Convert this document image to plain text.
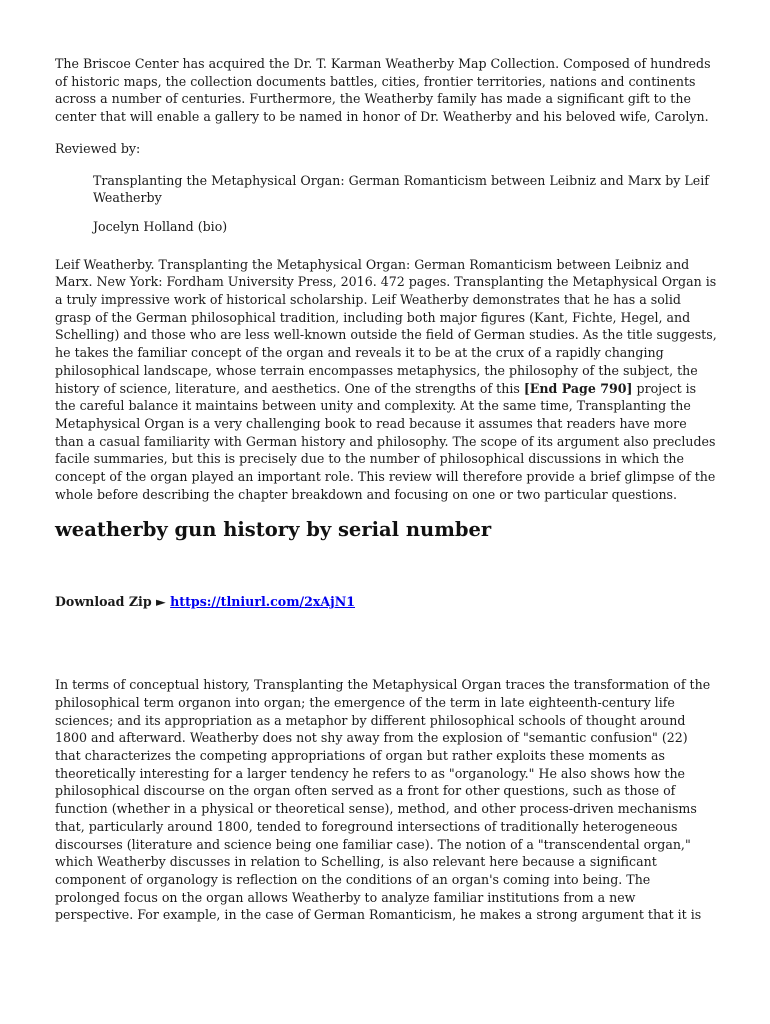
The Briscoe Center has acquired the Dr. T. Karman Weatherby Map Collection. Composed of hundreds of historic maps, the collection documents battles, cities, frontier territories, nations and continents across a number of centuries. Furthermore, the Weatherby family has made a significant gift to the center that will enable a gallery to be named in honor of Dr. Weatherby and his beloved wife, Carolyn.

Reviewed by:

Transplanting the Metaphysical Organ: German Romanticism between Leibniz and Marx by Leif Weatherby

Jocelyn Holland (bio)

Leif Weatherby. Transplanting the Metaphysical Organ: German Romanticism between Leibniz and Marx. New York: Fordham University Press, 2016. 472 pages. Transplanting the Metaphysical Organ is a truly impressive work of historical scholarship. Leif Weatherby demonstrates that he has a solid grasp of the German philosophical tradition, including both major figures (Kant, Fichte, Hegel, and Schelling) and those who are less well-known outside the field of German studies. As the title suggests, he takes the familiar concept of the organ and reveals it to be at the crux of a rapidly changing philosophical landscape, whose terrain encompasses metaphysics, the philosophy of the subject, the history of science, literature, and aesthetics. One of the strengths of this [End Page 790] project is the careful balance it maintains between unity and complexity. At the same time, Transplanting the Metaphysical Organ is a very challenging book to read because it assumes that readers have more than a casual familiarity with German history and philosophy. The scope of its argument also precludes facile summaries, but this is precisely due to the number of philosophical discussions in which the concept of the organ played an important role. This review will therefore provide a brief glimpse of the whole before describing the chapter breakdown and focusing on one or two particular questions.

weatherby gun history by serial number
Download Zip ► https://tlniurl.com/2xAjN1

In terms of conceptual history, Transplanting the Metaphysical Organ traces the transformation of the philosophical term organon into organ; the emergence of the term in late eighteenth-century life sciences; and its appropriation as a metaphor by different philosophical schools of thought around 1800 and afterward. Weatherby does not shy away from the explosion of "semantic confusion" (22) that characterizes the competing appropriations of organ but rather exploits these moments as theoretically interesting for a larger tendency he refers to as "organology." He also shows how the philosophical discourse on the organ often served as a front for other questions, such as those of function (whether in a physical or theoretical sense), method, and other process-driven mechanisms that, particularly around 1800, tended to foreground intersections of traditionally heterogeneous discourses (literature and science being one familiar case). The notion of a "transcendental organ," which Weatherby discusses in relation to Schelling, is also relevant here because a significant component of organology is reflection on the conditions of an organ's coming into being. The prolonged focus on the organ allows Weatherby to analyze familiar institutions from a new perspective. For example, in the case of German Romanticism, he makes a strong argument that it is
